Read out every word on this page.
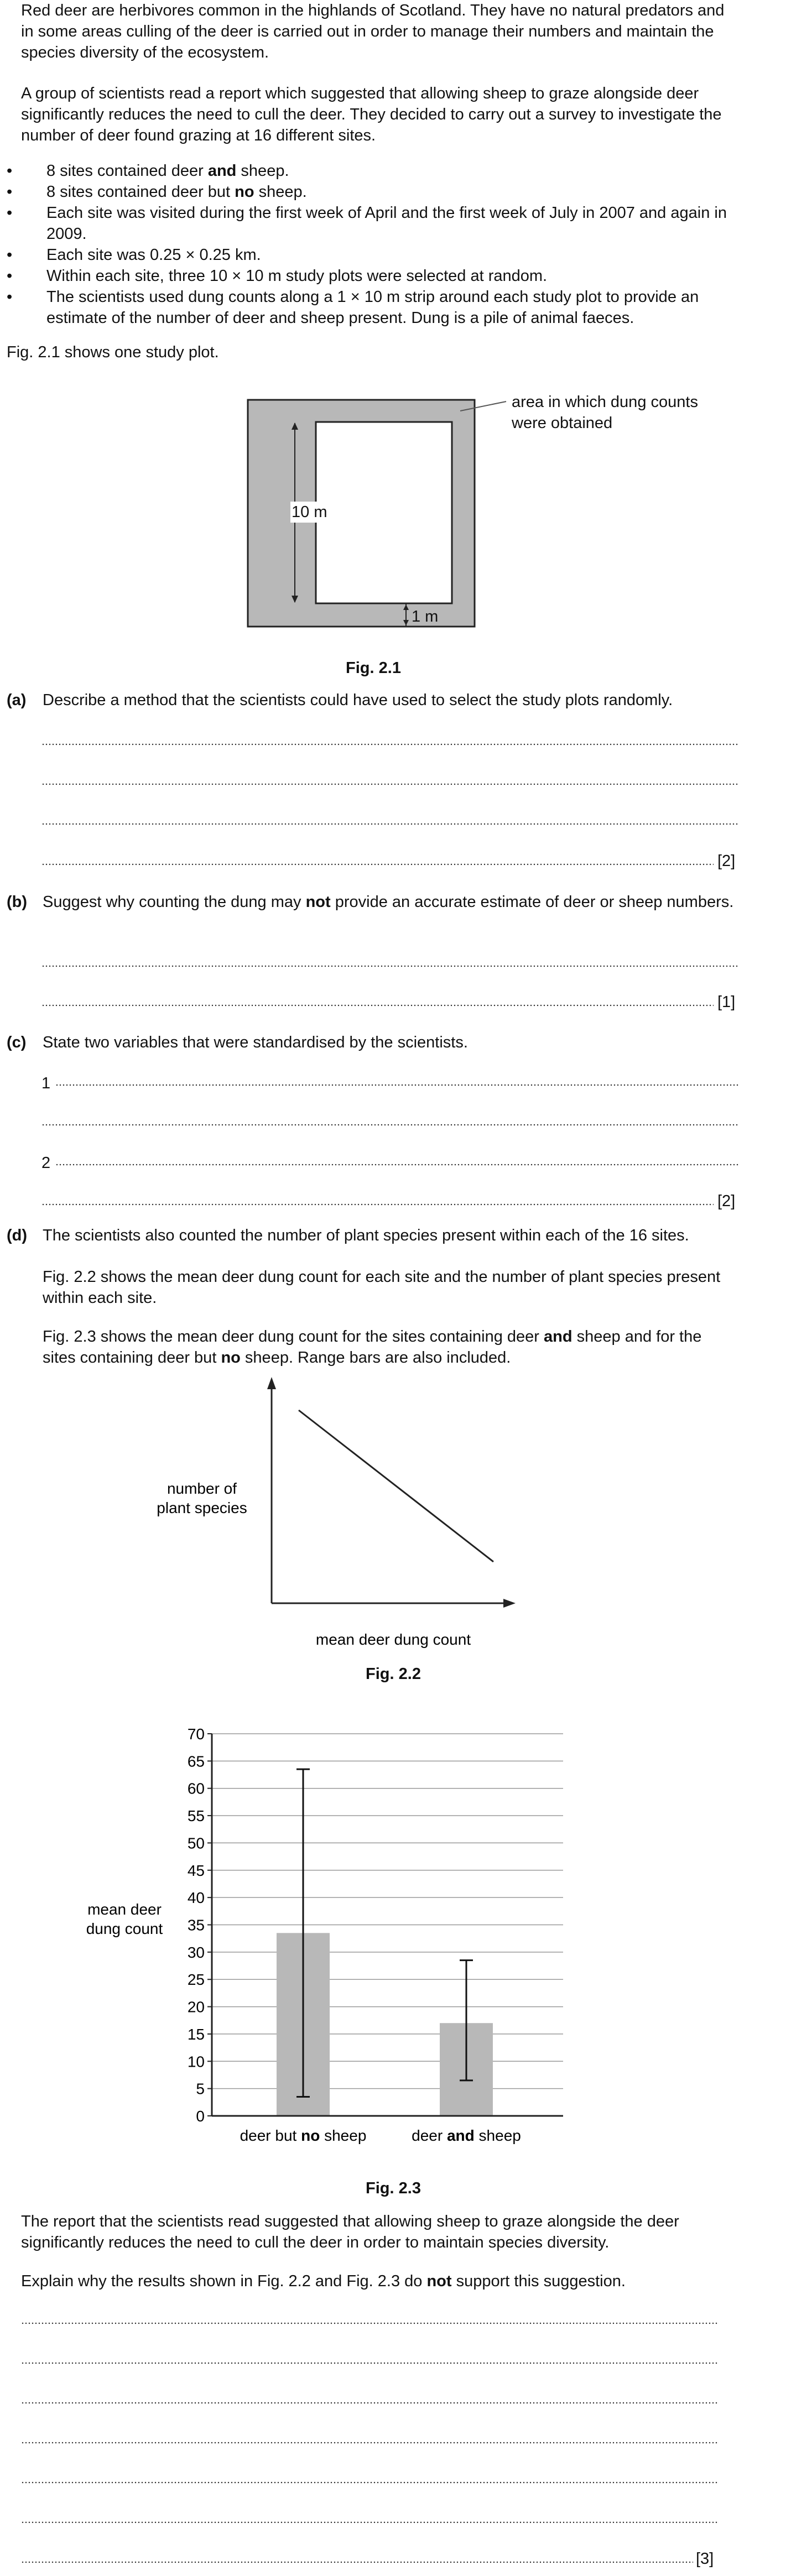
Red deer are herbivores common in the highlands of Scotland. They have no natural predators and in some areas culling of the deer is carried out in order to manage their numbers and maintain the species diversity of the ecosystem.

A group of scientists read a report which suggested that allowing sheep to graze alongside deer significantly reduces the need to cull the deer. They decided to carry out a survey to investigate the number of deer found grazing at 16 different sites.

• 8 sites contained deer and sheep.
• 8 sites contained deer but no sheep.
• Each site was visited during the first week of April and the first week of July in 2007 and again in 2009.
• Each site was 0.25 × 0.25 km.
• Within each site, three 10 × 10 m study plots were selected at random.
• The scientists used dung counts along a 1 × 10 m strip around each study plot to provide an estimate of the number of deer and sheep present. Dung is a pile of animal faeces.

Fig. 2.1 shows one study plot.

10 m
1 m
area in which dung counts were obtained
Fig. 2.1
(a) Describe a method that the scientists could have used to select the study plots randomly.
[2]
(b) Suggest why counting the dung may not provide an accurate estimate of deer or sheep numbers.
[1]
(c) State two variables that were standardised by the scientists.
1
2
[2]
(d) The scientists also counted the number of plant species present within each of the 16 sites.
Fig. 2.2 shows the mean deer dung count for each site and the number of plant species present within each site.
Fig. 2.3 shows the mean deer dung count for the sites containing deer and sheep and for the sites containing deer but no sheep. Range bars are also included.
number of
plant species
mean deer dung count
Fig. 2.2
0
5
10
15
20
25
30
35
40
45
50
55
60
65
70
mean deer
dung count
deer but no sheep	deer and sheep
Fig. 2.3
The report that the scientists read suggested that allowing sheep to graze alongside the deer significantly reduces the need to cull the deer in order to maintain species diversity.
Explain why the results shown in Fig. 2.2 and Fig. 2.3 do not support this suggestion.
[3]
